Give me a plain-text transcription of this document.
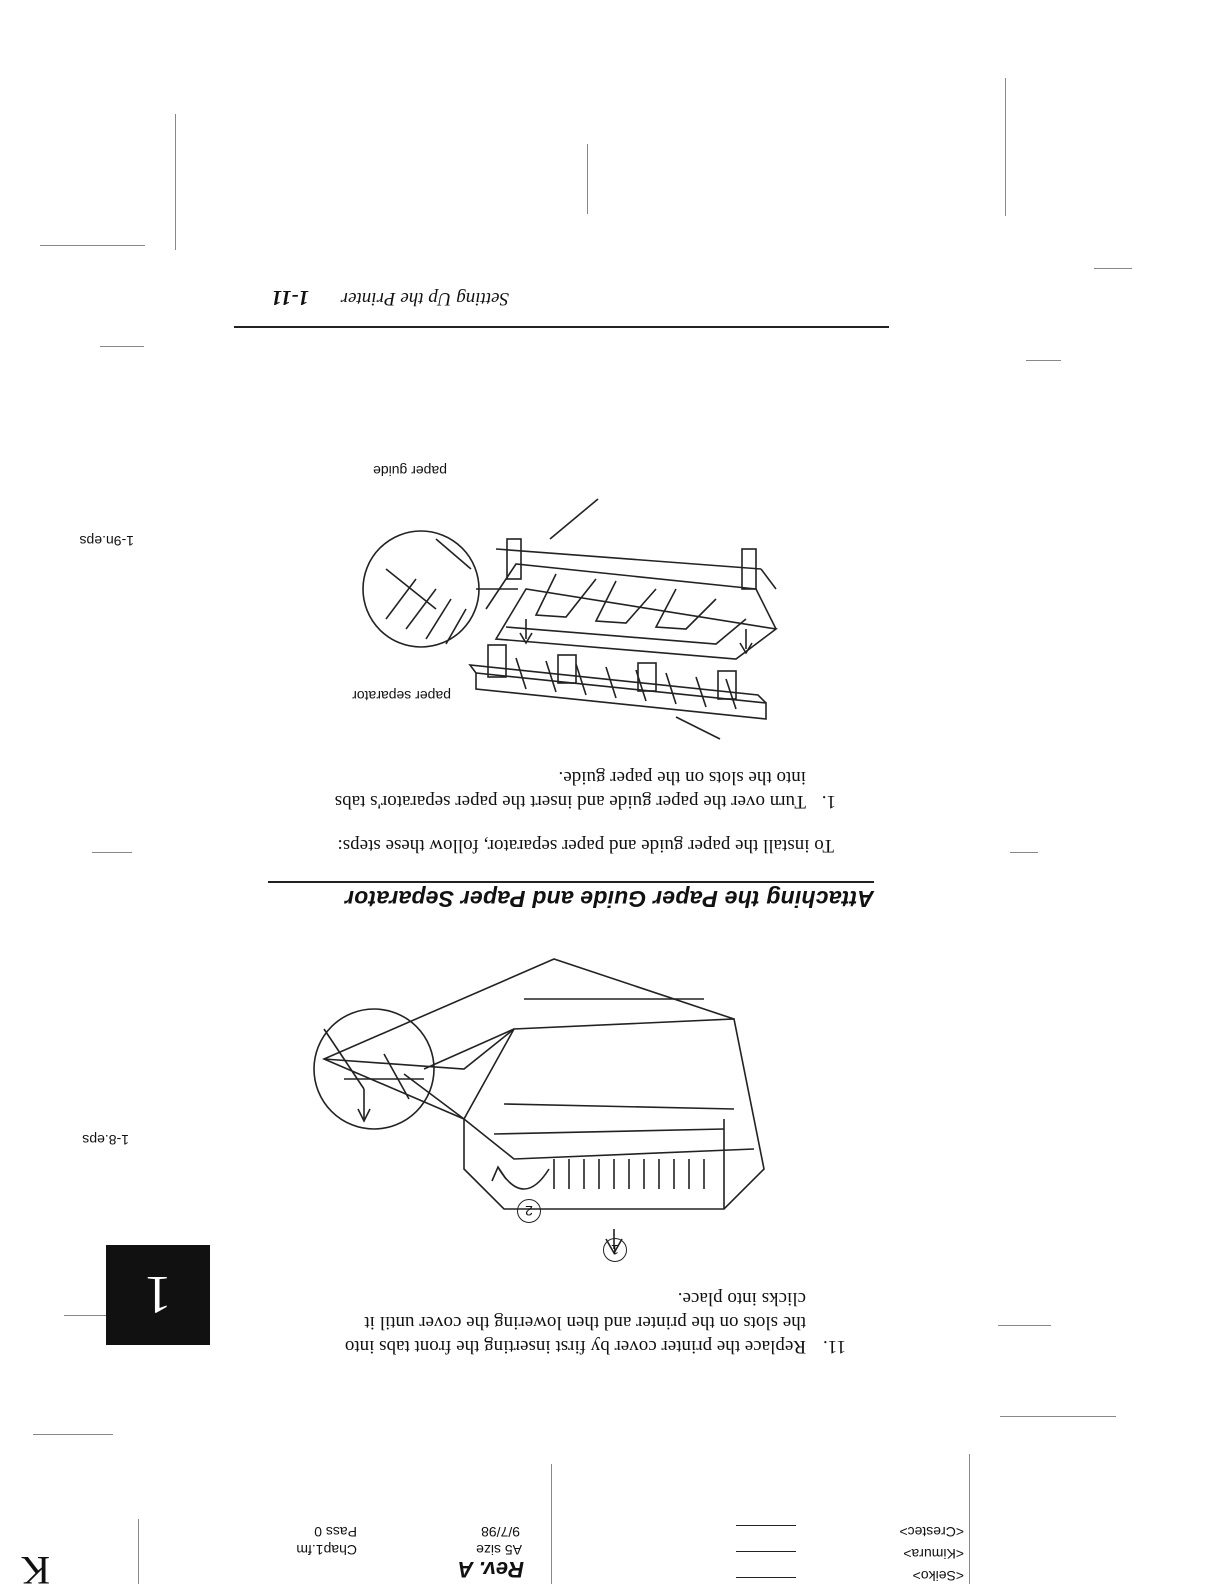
Setting Up the Printer
1-11
paper separator
paper guide
1-9n.eps
1.
Turn over the paper guide and insert the paper separator's tabs
into the slots on the paper guide.
To install the paper guide and paper separator, follow these steps:
Attaching the Paper Guide and Paper Separator
1
2
1-8.eps
11.
Replace the printer cover by first inserting the front tabs into
the slots on the printer and then lowering the cover until it
clicks into place.
1
Rev. A
A5 size
9/7/98
Chap1.fm
Pass 0	<Crestec>
<Kimura>
<Seiko>
K
